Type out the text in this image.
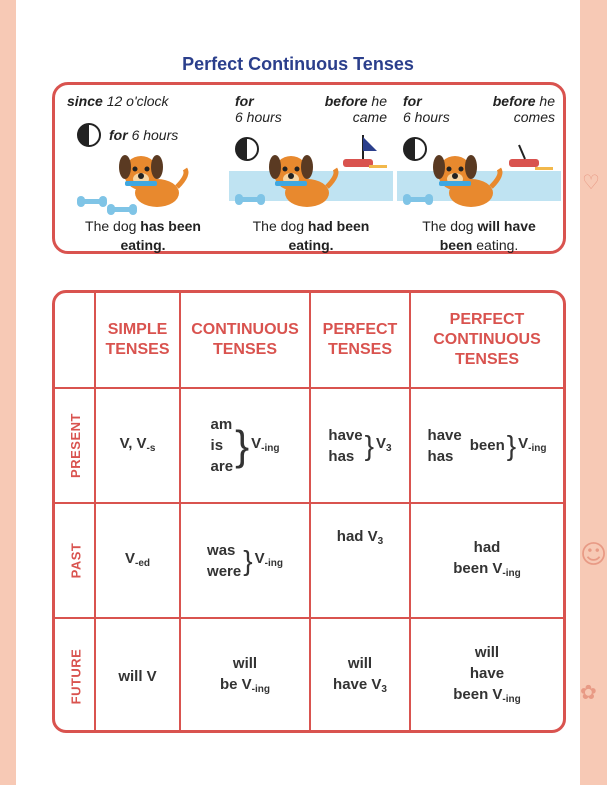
♡
☺
✿
Perfect Continuous Tenses
since 12 o'clock
for 6 hours
The dog has been
eating.
for
6 hours
before he
came
The dog had been
eating.
for
6 hours
before he
comes
The dog will have
been eating.
SIMPLE
TENSES
CONTINUOUS
TENSES
PERFECT
TENSES
PERFECT
CONTINUOUS
TENSES
PRESENT
PAST
FUTURE
V, $V_{-s}$
am
is
are } $V_{-ing}$
have
has } $V_3$
have
has
been } $V_{-ing}$
$V_{-ed}$
was
were } $V_{-ing}$
had $V_3$	had
been $V_{-ing}$
will V
will
be $V_{-ing}$
will
have $V_3$
will
have
been $V_{-ing}$
